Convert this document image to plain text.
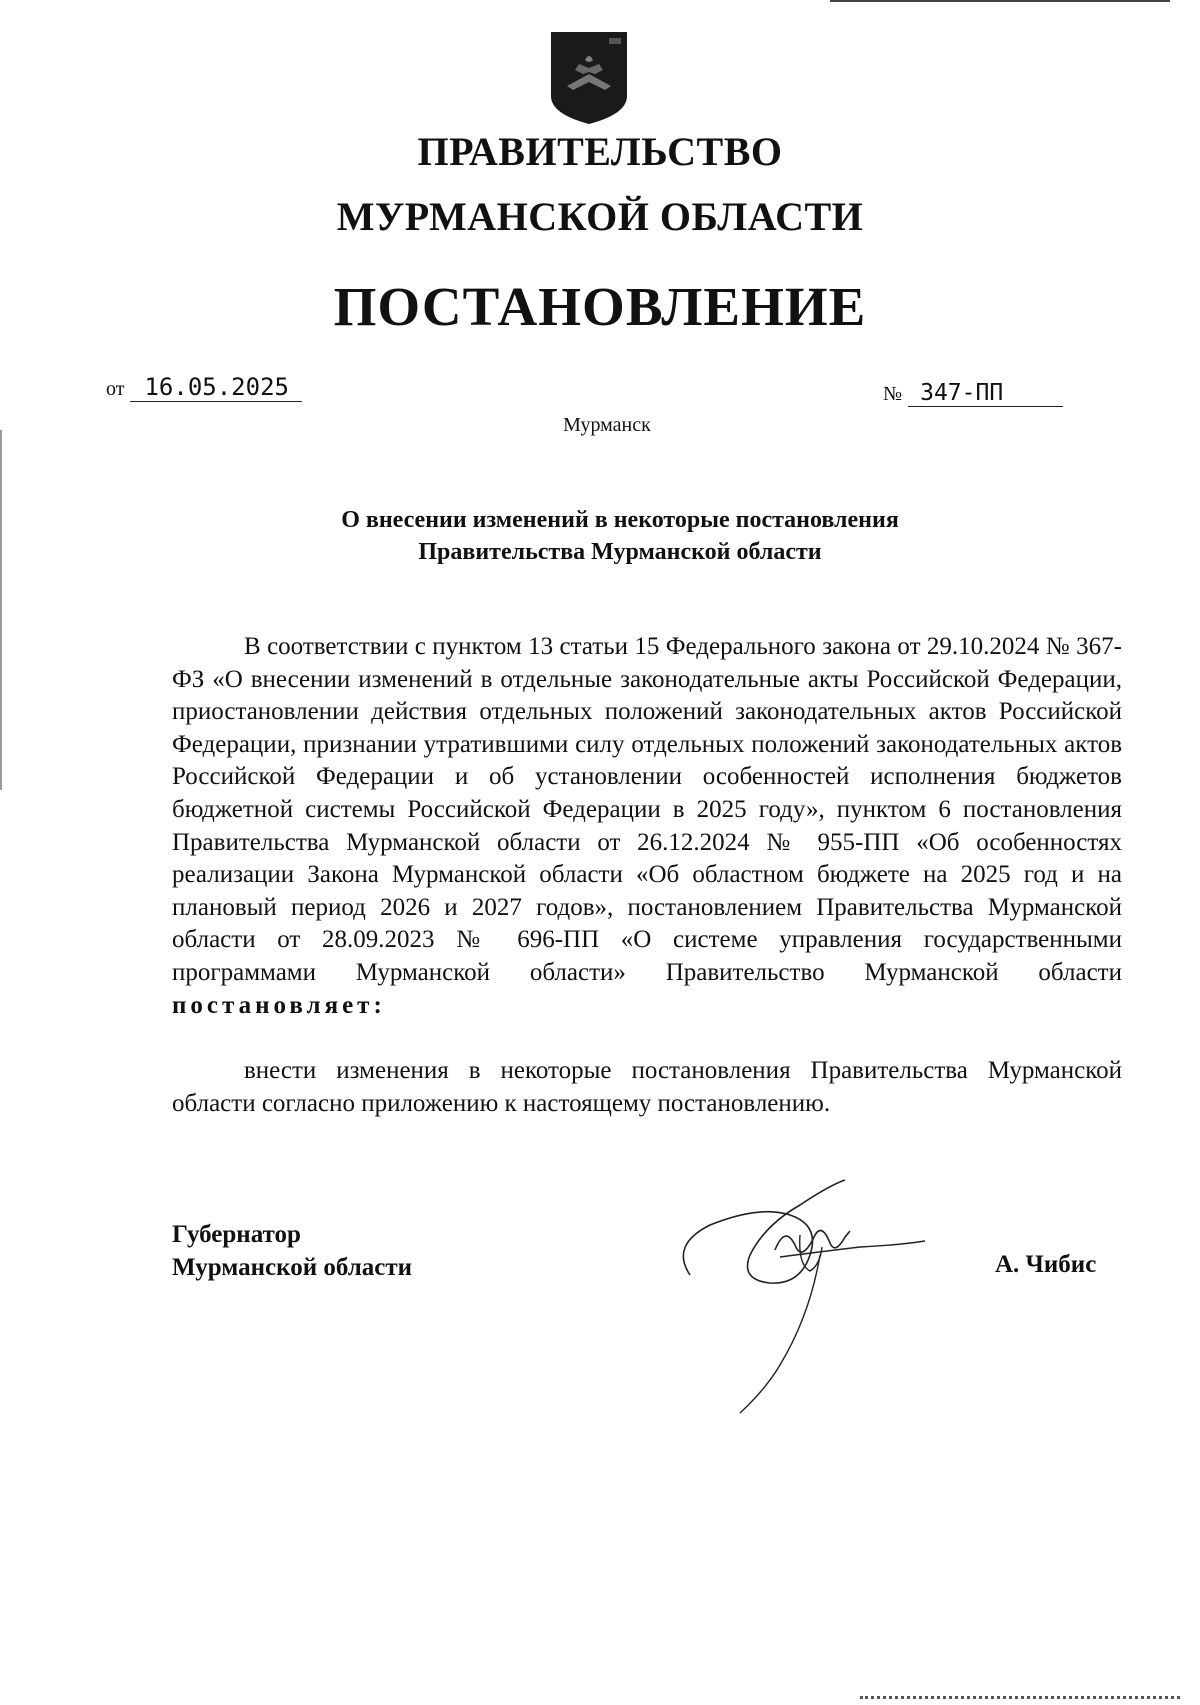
ПРАВИТЕЛЬСТВО
МУРМАНСКОЙ ОБЛАСТИ
ПОСТАНОВЛЕНИЕ
от 16.05.2025	№ 347-ПП
Мурманск
О внесении изменений в некоторые постановления
Правительства Мурманской области

В соответствии с пунктом 13 статьи 15 Федерального закона от 29.10.2024 № 367-ФЗ «О внесении изменений в отдельные законодательные акты Российской Федерации, приостановлении действия отдельных положений законодательных актов Российской Федерации, признании утратившими силу отдельных положений законодательных актов Российской Федерации и об установлении особенностей исполнения бюджетов бюджетной системы Российской Федерации в 2025 году», пунктом 6 постановления Правительства Мурманской области от 26.12.2024 № 955-ПП «Об особенностях реализации Закона Мурманской области «Об областном бюджете на 2025 год и на плановый период 2026 и 2027 годов», постановлением Правительства Мурманской области от 28.09.2023 № 696-ПП «О системе управления государственными программами Мурманской области» Правительство Мурманской области постановляет:

внести изменения в некоторые постановления Правительства Мурманской области согласно приложению к настоящему постановлению.

Губернатор
Мурманской области	А. Чибис
